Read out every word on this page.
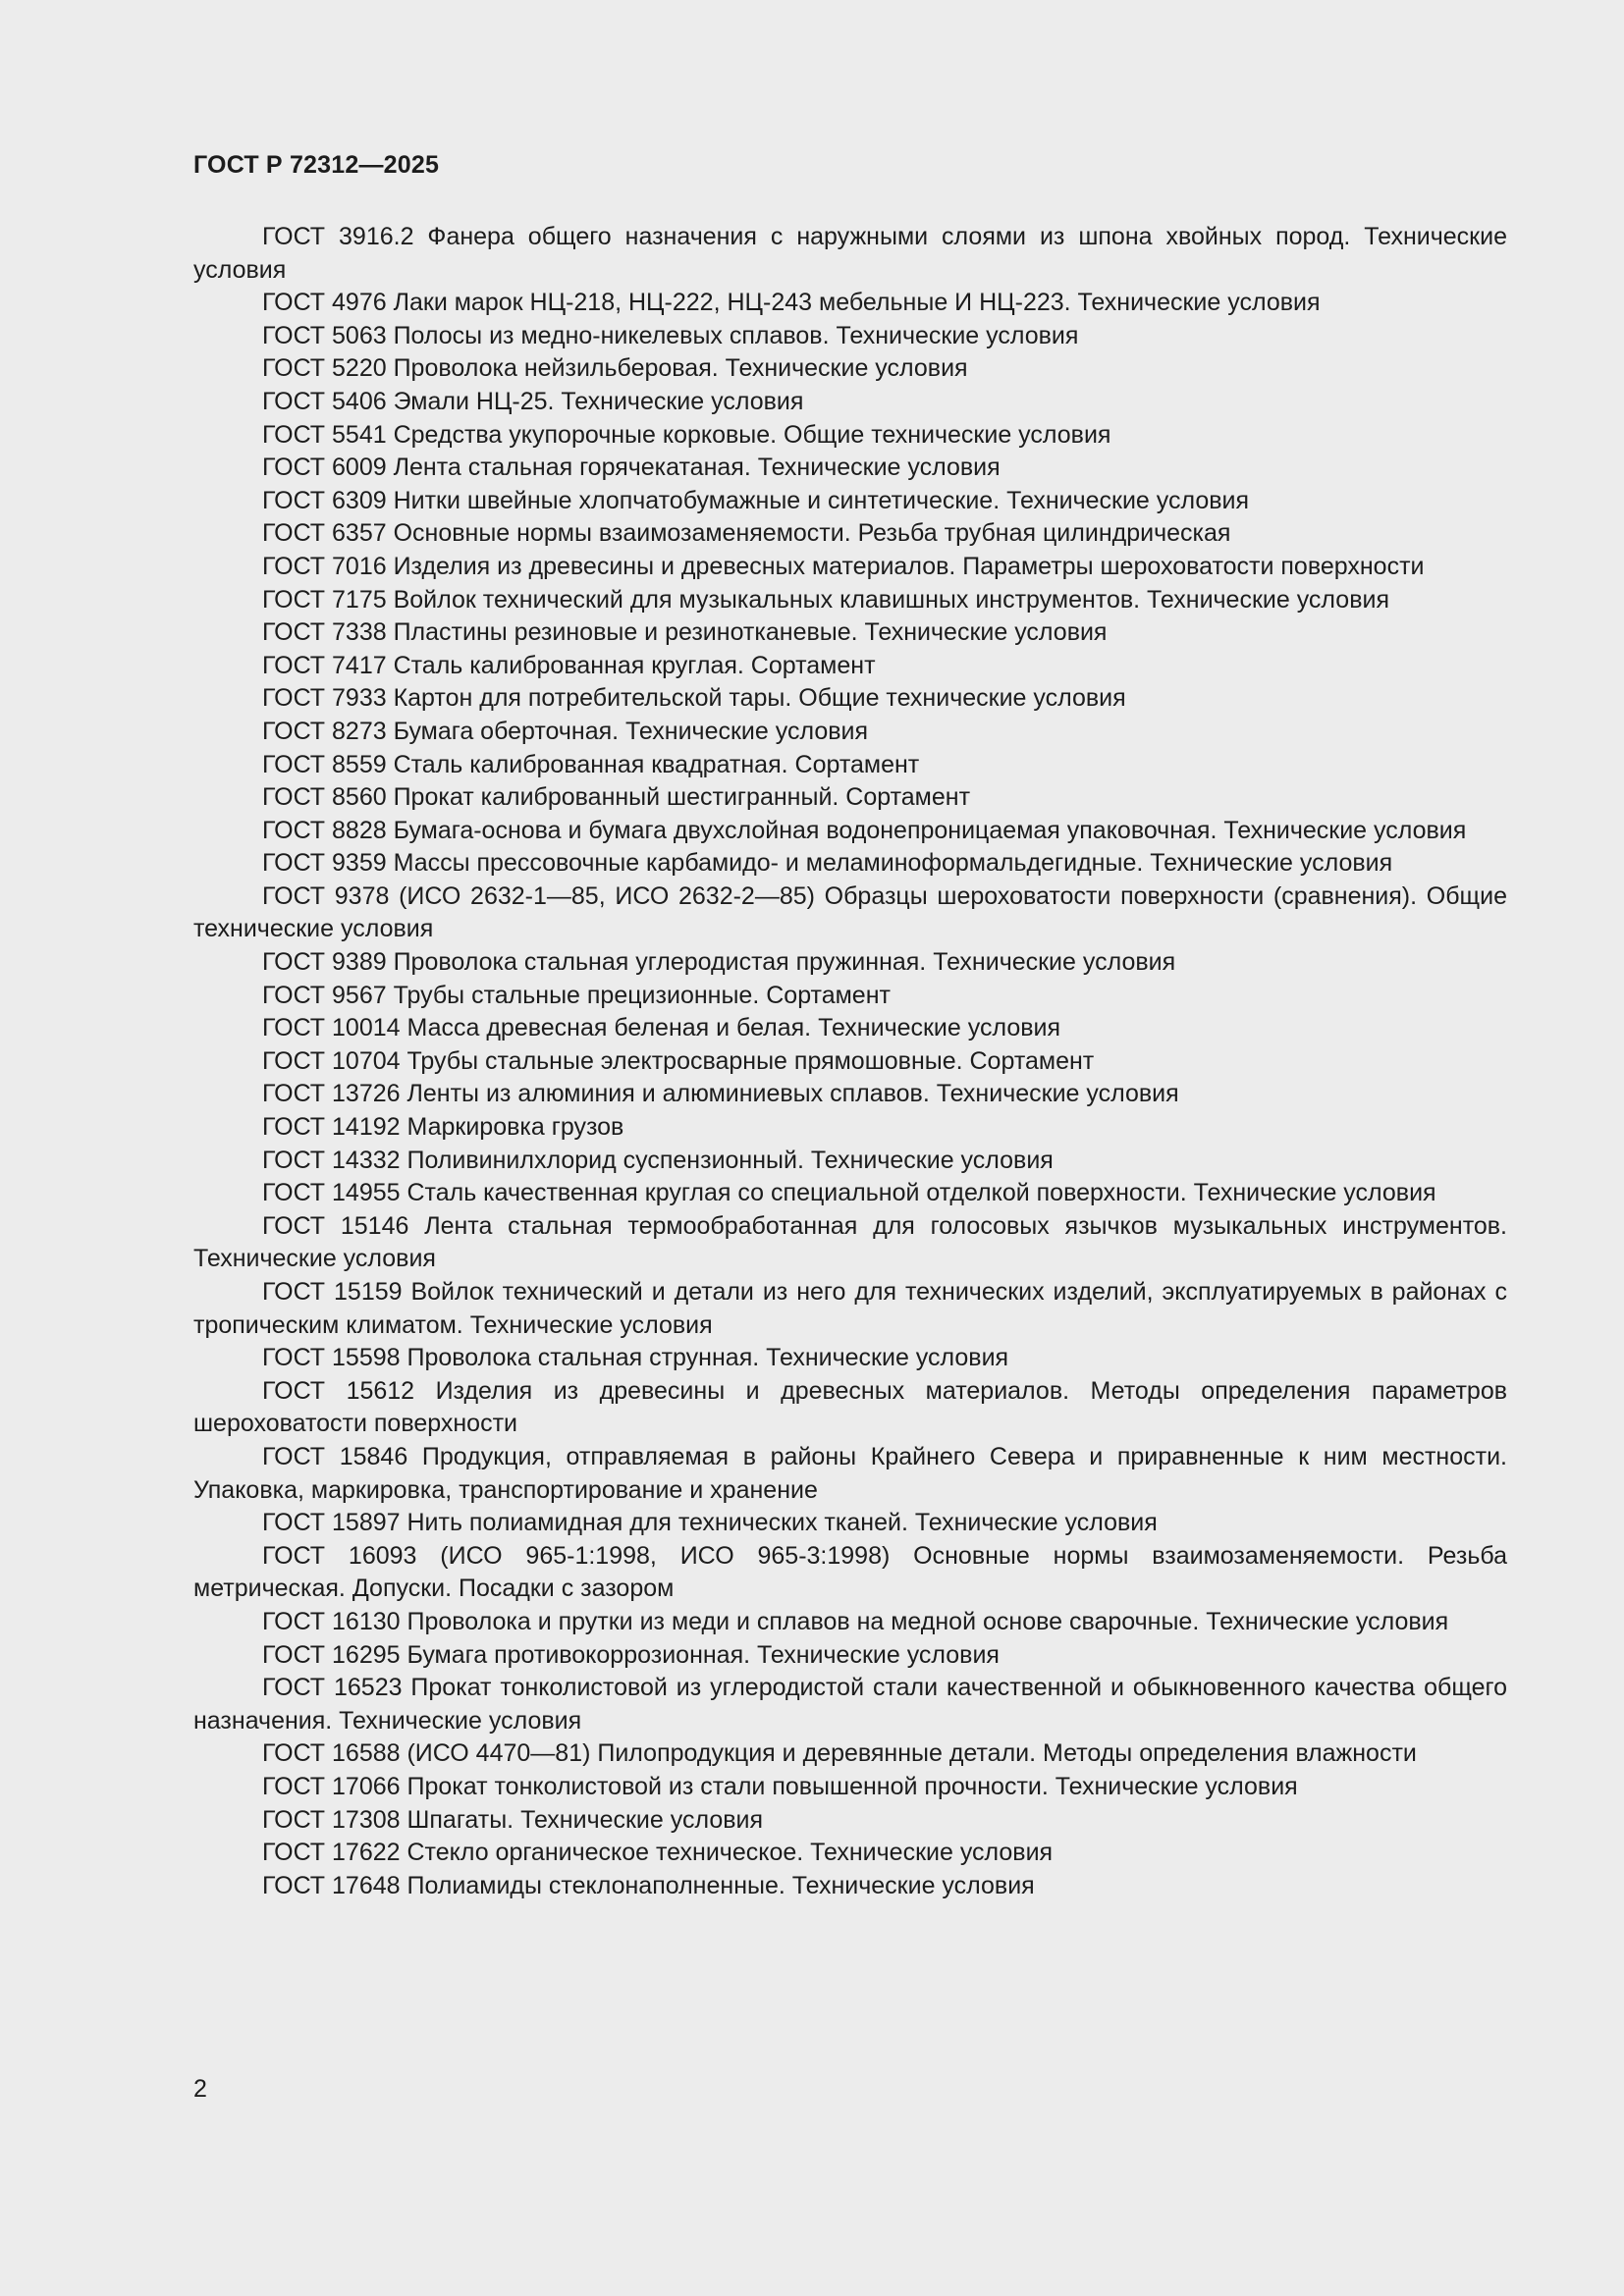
ГОСТ Р 72312—2025
ГОСТ 3916.2 Фанера общего назначения с наружными слоями из шпона хвойных пород. Технические условия
ГОСТ 4976 Лаки марок НЦ-218, НЦ-222, НЦ-243 мебельные И НЦ-223. Технические условия
ГОСТ 5063 Полосы из медно-никелевых сплавов. Технические условия
ГОСТ 5220 Проволока нейзильберовая. Технические условия
ГОСТ 5406 Эмали НЦ-25. Технические условия
ГОСТ 5541 Средства укупорочные корковые. Общие технические условия
ГОСТ 6009 Лента стальная горячекатаная. Технические условия
ГОСТ 6309 Нитки швейные хлопчатобумажные и синтетические. Технические условия
ГОСТ 6357 Основные нормы взаимозаменяемости. Резьба трубная цилиндрическая
ГОСТ 7016 Изделия из древесины и древесных материалов. Параметры шероховатости поверхности
ГОСТ 7175 Войлок технический для музыкальных клавишных инструментов. Технические условия
ГОСТ 7338 Пластины резиновые и резинотканевые. Технические условия
ГОСТ 7417 Сталь калиброванная круглая. Сортамент
ГОСТ 7933 Картон для потребительской тары. Общие технические условия
ГОСТ 8273 Бумага оберточная. Технические условия
ГОСТ 8559 Сталь калиброванная квадратная. Сортамент
ГОСТ 8560 Прокат калиброванный шестигранный. Сортамент
ГОСТ 8828 Бумага-основа и бумага двухслойная водонепроницаемая упаковочная. Технические условия
ГОСТ 9359 Массы прессовочные карбамидо- и меламиноформальдегидные. Технические условия
ГОСТ 9378 (ИСО 2632-1—85, ИСО 2632-2—85) Образцы шероховатости поверхности (сравнения). Общие технические условия
ГОСТ 9389 Проволока стальная углеродистая пружинная. Технические условия
ГОСТ 9567 Трубы стальные прецизионные. Сортамент
ГОСТ 10014 Масса древесная беленая и белая. Технические условия
ГОСТ 10704 Трубы стальные электросварные прямошовные. Сортамент
ГОСТ 13726 Ленты из алюминия и алюминиевых сплавов. Технические условия
ГОСТ 14192 Маркировка грузов
ГОСТ 14332 Поливинилхлорид суспензионный. Технические условия
ГОСТ 14955 Сталь качественная круглая со специальной отделкой поверхности. Технические условия
ГОСТ 15146 Лента стальная термообработанная для голосовых язычков музыкальных инструментов. Технические условия
ГОСТ 15159 Войлок технический и детали из него для технических изделий, эксплуатируемых в районах с тропическим климатом. Технические условия
ГОСТ 15598 Проволока стальная струнная. Технические условия
ГОСТ 15612 Изделия из древесины и древесных материалов. Методы определения параметров шероховатости поверхности
ГОСТ 15846 Продукция, отправляемая в районы Крайнего Севера и приравненные к ним местности. Упаковка, маркировка, транспортирование и хранение
ГОСТ 15897 Нить полиамидная для технических тканей. Технические условия
ГОСТ 16093 (ИСО 965-1:1998, ИСО 965-3:1998) Основные нормы взаимозаменяемости. Резьба метрическая. Допуски. Посадки с зазором
ГОСТ 16130 Проволока и прутки из меди и сплавов на медной основе сварочные. Технические условия
ГОСТ 16295 Бумага противокоррозионная. Технические условия
ГОСТ 16523 Прокат тонколистовой из углеродистой стали качественной и обыкновенного качества общего назначения. Технические условия
ГОСТ 16588 (ИСО 4470—81) Пилопродукция и деревянные детали. Методы определения влажности
ГОСТ 17066 Прокат тонколистовой из стали повышенной прочности. Технические условия
ГОСТ 17308 Шпагаты. Технические условия
ГОСТ 17622 Стекло органическое техническое. Технические условия
ГОСТ 17648 Полиамиды стеклонаполненные. Технические условия
2
